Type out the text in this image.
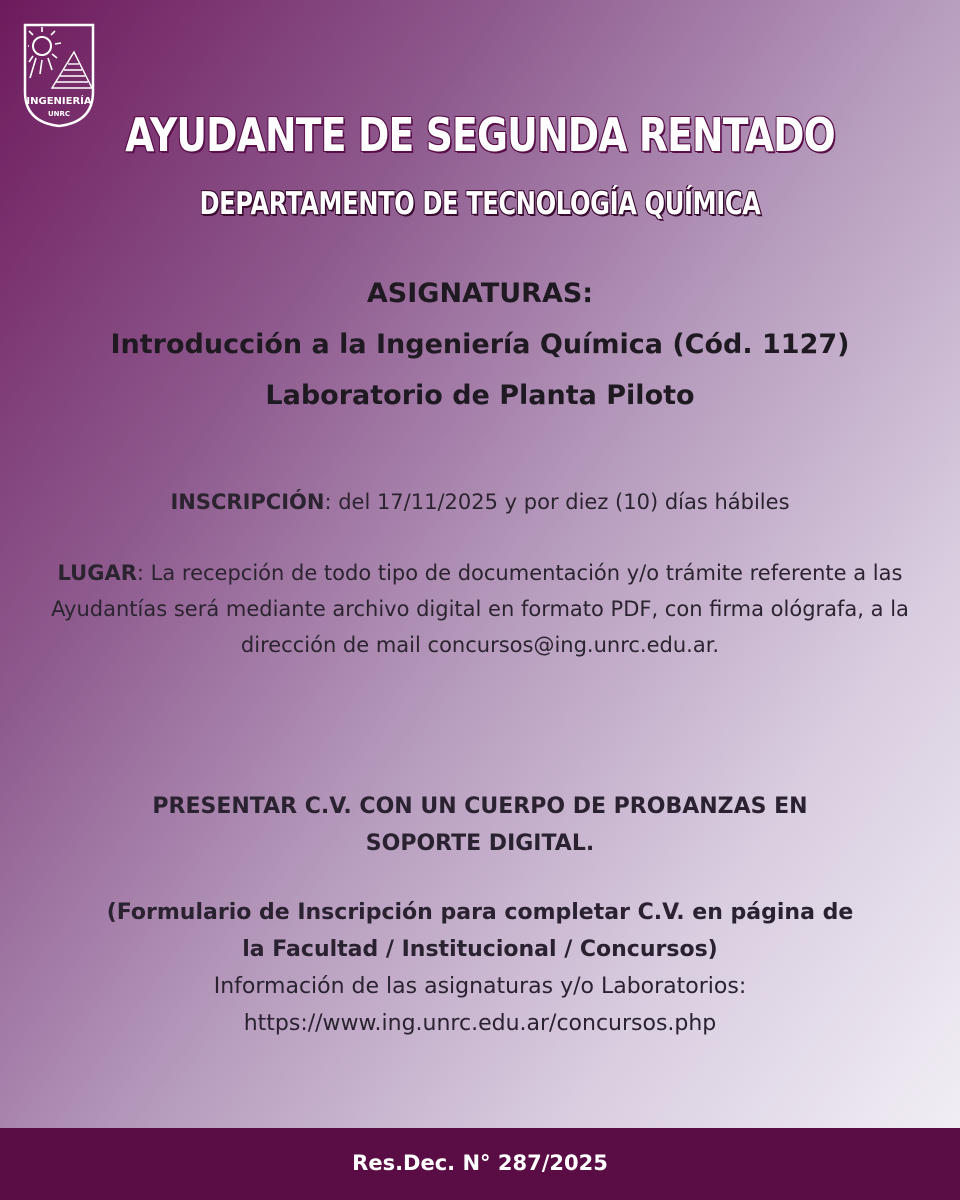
INGENIERÍA
UNRC	AYUDANTE DE SEGUNDA RENTADO
DEPARTAMENTO DE TECNOLOGÍA QUÍMICA
ASIGNATURAS:
Introducción a la Ingeniería Química (Cód. 1127)
Laboratorio de Planta Piloto
INSCRIPCIÓN: del 17/11/2025 y por diez (10) días hábiles
LUGAR: La recepción de todo tipo de documentación y/o trámite referente a las Ayudantías será mediante archivo digital en formato PDF, con firma ológrafa, a la dirección de mail concursos@ing.unrc.edu.ar.
PRESENTAR C.V. CON UN CUERPO DE PROBANZAS EN
SOPORTE DIGITAL.
(Formulario de Inscripción para completar C.V. en página de
la Facultad / Institucional / Concursos)
Información de las asignaturas y/o Laboratorios:
https://www.ing.unrc.edu.ar/concursos.php
Res.Dec. N° 287/2025
